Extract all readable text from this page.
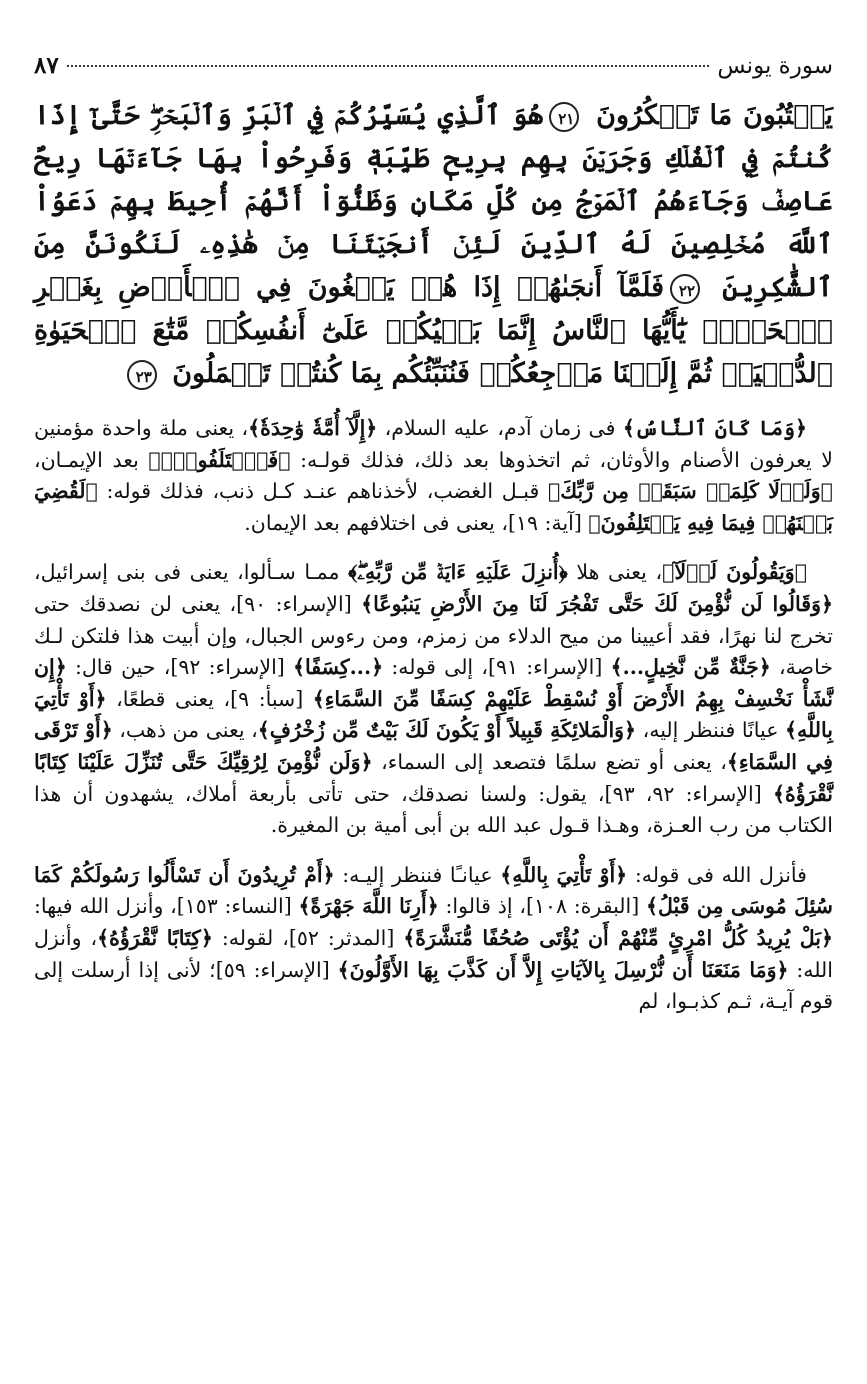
سورة يونس
٨٧
يَكۡتُبُونَ مَا تَمۡكُرُونَ ٢١هُوَ ٱلَّذِي يُسَيِّرُكُمۡ فِي ٱلۡبَرِّ وَٱلۡبَحۡرِۖ حَتَّىٰٓ إِذَا كُنتُمۡ فِي ٱلۡفُلۡكِ وَجَرَيۡنَ بِهِم بِرِيحٖ طَيِّبَةٖ وَفَرِحُواْ بِهَا جَآءَتۡهَا رِيحٌ عَاصِفٞ وَجَآءَهُمُ ٱلۡمَوۡجُ مِن كُلِّ مَكَانٖ وَظَنُّوٓاْ أَنَّهُمۡ أُحِيطَ بِهِمۡ دَعَوُاْ ٱللَّهَ مُخۡلِصِينَ لَهُ ٱلدِّينَ لَئِنۡ أَنجَيۡتَنَا مِنۡ هَٰذِهِۦ لَنَكُونَنَّ مِنَ ٱلشَّٰكِرِينَ ٢٢فَلَمَّآ أَنجَىٰهُمۡ إِذَا هُمۡ يَبۡغُونَ فِي ٱلۡأَرۡضِ بِغَيۡرِ ٱلۡحَقِّۗ يَٰٓأَيُّهَا ٱلنَّاسُ إِنَّمَا بَغۡيُكُمۡ عَلَىٰٓ أَنفُسِكُمۖ مَّتَٰعَ ٱلۡحَيَوٰةِ ٱلدُّنۡيَاۖ ثُمَّ إِلَيۡنَا مَرۡجِعُكُمۡ فَنُنَبِّئُكُم بِمَا كُنتُمۡ تَعۡمَلُونَ ٢٣

﴿وَمَا كَانَ ٱلنَّاسُ﴾ فى زمان آدم، عليه السلام، ﴿إِلَّآ أُمَّةٗ وَٰحِدَةٗ﴾، يعنى ملة واحدة مؤمنين لا يعرفون الأصنام والأوثان، ثم اتخذوها بعد ذلك، فذلك قولـه: ﴿فَٱخۡتَلَفُواْۚ﴾ بعد الإيمـان، ﴿وَلَوۡلَا كَلِمَةٞ سَبَقَتۡ مِن رَّبِّكَ﴾ قبـل الغضب، لأخذناهم عنـد كـل ذنب، فذلك قوله: ﴿لَقُضِيَ بَيۡنَهُمۡ فِيمَا فِيهِ يَخۡتَلِفُونَ﴾ [آية: ١٩]، يعنى فى اختلافهم بعد الإيمان.

﴿وَيَقُولُونَ لَوۡلَآ﴾، يعنى هلا ﴿أُنزِلَ عَلَيۡهِ ءَايَةٞ مِّن رَّبِّهِۦۖ﴾ ممـا سـألوا، يعنى فى بنى إسرائيل، ﴿وَقَالُوا لَن نُّؤْمِنَ لَكَ حَتَّى تَفْجُرَ لَنَا مِنَ الأَرْضِ يَنبُوعًا﴾ [الإسراء: ٩٠]، يعنى لن نصدقك حتى تخرج لنا نهرًا، فقد أعيينا من ميح الدلاء من زمزم، ومن رءوس الجبال، وإن أبيت هذا فلتكن لـك خاصة، ﴿جَنَّةٌ مِّن نَّخِيلٍ...﴾ [الإسراء: ٩١]، إلى قوله: ﴿...كِسَفًا﴾ [الإسراء: ٩٢]، حين قال: ﴿إِن نَّشَأْ نَخْسِفْ بِهِمُ الأَرْضَ أَوْ نُسْقِطْ عَلَيْهِمْ كِسَفًا مِّنَ السَّمَاءِ﴾ [سبأ: ٩]، يعنى قطعًا، ﴿أَوْ تَأْتِيَ بِاللَّهِ﴾ عيانًا فننظر إليه، ﴿وَالْمَلائِكَةِ قَبِيلاً أَوْ يَكُونَ لَكَ بَيْتٌ مِّن زُخْرُفٍ﴾، يعنى من ذهب، ﴿أَوْ تَرْقَى فِي السَّمَاءِ﴾، يعنى أو تضع سلمًا فتصعد إلى السماء، ﴿وَلَن نُّؤْمِنَ لِرُقِيِّكَ حَتَّى تُنَزِّلَ عَلَيْنَا كِتَابًا نَّقْرَؤُهُ﴾ [الإسراء: ٩٢، ٩٣]، يقول: ولسنا نصدقك، حتى تأتى بأربعة أملاك، يشهدون أن هذا الكتاب من رب العـزة، وهـذا قـول عبد الله بن أبى أمية بن المغيرة.

فأنزل الله فى قوله: ﴿أَوْ تَأْتِيَ بِاللَّهِ﴾ عيانـًا فننظر إليـه: ﴿أَمْ تُرِيدُونَ أَن تَسْأَلُوا رَسُولَكُمْ كَمَا سُئِلَ مُوسَى مِن قَبْلُ﴾ [البقرة: ١٠٨]، إذ قالوا: ﴿أَرِنَا اللَّهَ جَهْرَةً﴾ [النساء: ١٥٣]، وأنزل الله فيها: ﴿بَلْ يُرِيدُ كُلُّ امْرِئٍ مِّنْهُمْ أَن يُؤْتَى صُحُفًا مُّنَشَّرَةً﴾ [المدثر: ٥٢]، لقوله: ﴿كِتَابًا نَّقْرَؤُهُ﴾، وأنزل الله: ﴿وَمَا مَنَعَنَا أَن نُّرْسِلَ بِالآيَاتِ إِلاَّ أَن كَذَّبَ بِهَا الأَوَّلُونَ﴾ [الإسراء: ٥٩]؛ لأنى إذا أرسلت إلى قوم آيـة، ثـم كذبـوا، لم
